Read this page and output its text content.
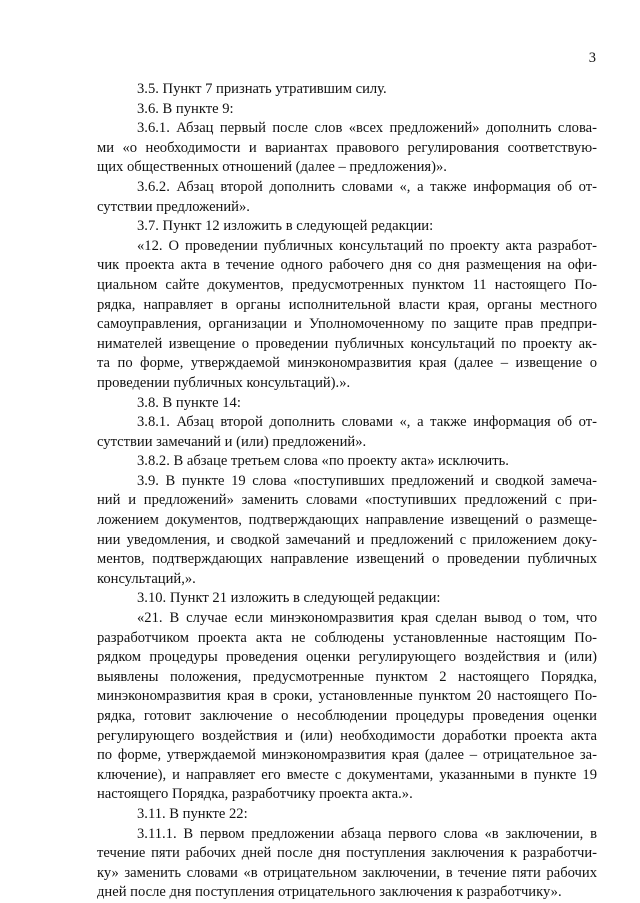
3
3.5. Пункт 7 признать утратившим силу.
3.6. В пункте 9:
3.6.1. Абзац первый после слов «всех предложений» дополнить слова-
ми «о необходимости и вариантах правового регулирования соответствую-
щих общественных отношений (далее – предложения)».
3.6.2. Абзац второй дополнить словами «, а также информация об от-
сутствии предложений».
3.7. Пункт 12 изложить в следующей редакции:
«12. О проведении публичных консультаций по проекту акта разработ-
чик проекта акта в течение одного рабочего дня со дня размещения на офи-
циальном сайте документов, предусмотренных пунктом 11 настоящего По-
рядка, направляет в органы исполнительной власти края, органы местного
самоуправления, организации и Уполномоченному по защите прав предпри-
нимателей извещение о проведении публичных консультаций по проекту ак-
та по форме, утверждаемой минэкономразвития края (далее – извещение о
проведении публичных консультаций).».
3.8. В пункте 14:
3.8.1. Абзац второй дополнить словами «, а также информация об от-
сутствии замечаний и (или) предложений».
3.8.2. В абзаце третьем слова «по проекту акта» исключить.
3.9. В пункте 19 слова «поступивших предложений и сводкой замеча-
ний и предложений» заменить словами «поступивших предложений с при-
ложением документов, подтверждающих направление извещений о размеще-
нии уведомления, и сводкой замечаний и предложений с приложением доку-
ментов, подтверждающих направление извещений о проведении публичных
консультаций,».
3.10. Пункт 21 изложить в следующей редакции:
«21. В случае если минэкономразвития края сделан вывод о том, что
разработчиком проекта акта не соблюдены установленные настоящим По-
рядком процедуры проведения оценки регулирующего воздействия и (или)
выявлены положения, предусмотренные пунктом 2 настоящего Порядка,
минэкономразвития края в сроки, установленные пунктом 20 настоящего По-
рядка, готовит заключение о несоблюдении процедуры проведения оценки
регулирующего воздействия и (или) необходимости доработки проекта акта
по форме, утверждаемой минэкономразвития края (далее – отрицательное за-
ключение), и направляет его вместе с документами, указанными в пункте 19
настоящего Порядка, разработчику проекта акта.».
3.11. В пункте 22:
3.11.1. В первом предложении абзаца первого слова «в заключении, в
течение пяти рабочих дней после дня поступления заключения к разработчи-
ку» заменить словами «в отрицательном заключении, в течение пяти рабочих
дней после дня поступления отрицательного заключения к разработчику».
